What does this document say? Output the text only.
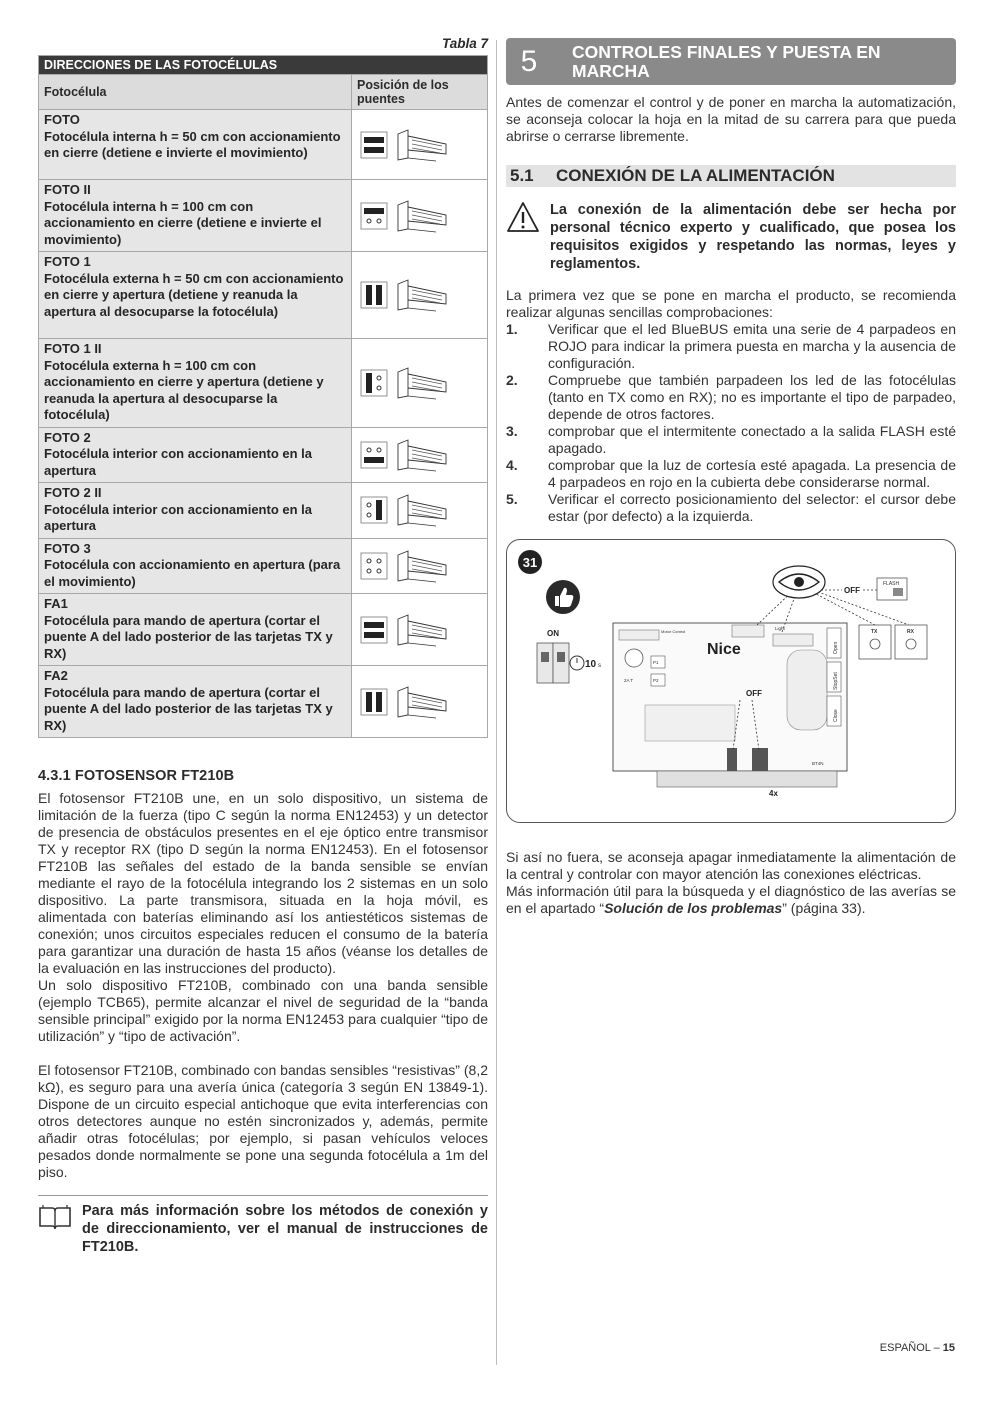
Tabla 7
DIRECCIONES DE LAS FOTOCÉLULAS	
Fotocélula	Posición de los puentes

FOTO
Fotocélula interna h = 50 cm con accionamiento en cierre (detiene e invierte el movimiento)

FOTO II
Fotocélula interna h = 100 cm con accionamiento en cierre (detiene e invierte el movimiento)

FOTO 1
Fotocélula externa h = 50 cm con accionamiento en cierre y apertura (detiene y reanuda la apertura al desocuparse la fotocélula)

FOTO 1 II
Fotocélula externa h = 100 cm con accionamiento en cierre y apertura (detiene y reanuda la apertura al desocuparse la fotocélula)

FOTO 2
Fotocélula interior con accionamiento en la apertura

FOTO 2 II
Fotocélula interior con accionamiento en la apertura

FOTO 3
Fotocélula con accionamiento en apertura (para el movimiento)

FA1
Fotocélula para mando de apertura (cortar el puente A del lado posterior de las tarjetas TX y RX)

FA2
Fotocélula para mando de apertura (cortar el puente A del lado posterior de las tarjetas TX y RX)

4.3.1 FOTOSENSOR FT210B

El fotosensor FT210B une, en un solo dispositivo, un sistema de limitación de la fuerza (tipo C según la norma EN12453) y un detector de presencia de obstáculos presentes en el eje óptico entre transmisor TX y receptor RX (tipo D según la norma EN12453). En el fotosensor FT210B las señales del estado de la banda sensible se envían mediante el rayo de la fotocélula integrando los 2 sistemas en un solo dispositivo. La parte transmisora, situada en la hoja móvil, es alimentada con baterías eliminando así los antiestéticos sistemas de conexión; unos circuitos especiales reducen el consumo de la batería para garantizar una duración de hasta 15 años (véanse los detalles de la evaluación en las instrucciones del producto).

Un solo dispositivo FT210B, combinado con una banda sensible (ejemplo TCB65), permite alcanzar el nivel de seguridad de la “banda sensible principal” exigido por la norma EN12453 para cualquier “tipo de utilización” y “tipo de activación”.

El fotosensor FT210B, combinado con bandas sensibles “resistivas” (8,2 kΩ), es seguro para una avería única (categoría 3 según EN 13849-1). Dispone de un circuito especial antichoque que evita interferencias con otros detectores aunque no estén sincronizados y, además, permite añadir otras fotocélulas; por ejemplo, si pasan vehículos veloces pesados donde normalmente se pone una segunda fotocélula a 1m del piso.

Para más información sobre los métodos de conexión y de direccionamiento, ver el manual de instrucciones de FT210B.
5	CONTROLES FINALES Y PUESTA EN MARCHA

Antes de comenzar el control y de poner en marcha la automatización, se aconseja colocar la hoja en la mitad de su carrera para que pueda abrirse o cerrarse libremente.

5.1	CONEXIÓN DE LA ALIMENTACIÓN
La conexión de la alimentación debe ser hecha por personal técnico experto y cualificado, que posea los requisitos exigidos y respetando las normas, leyes y reglamentos.

La primera vez que se pone en marcha el producto, se recomienda realizar algunas sencillas comprobaciones:

1.	Verificar que el led BlueBUS emita una serie de 4 parpadeos en ROJO para indicar la primera puesta en marcha y la ausencia de configuración.
2.	Compruebe que también parpadeen los led de las fotocélulas (tanto en TX como en RX); no es importante el tipo de parpadeo, depende de otros factores.
3.	comprobar que el intermitente conectado a la salida FLASH esté apagado.
4.	comprobar que la luz de cortesía esté apagada. La presencia de 4 parpadeos en rojo en la cubierta debe considerarse normal.
5.	Verificar el correcto posicionamiento del selector: el cursor debe estar (por defecto) a la izquierda.
31
ON
10 s
Motor Control
2A T
P1
P2
Nice
OFF
Light
Open
StopSet
Close
BT4N
OFF
FLASH
TX	RX
4x

Si así no fuera, se aconseja apagar inmediatamente la alimentación de la central y controlar con mayor atención las conexiones eléctricas.

Más información útil para la búsqueda y el diagnóstico de las averías se en el apartado “Solución de los problemas” (página 33).

ESPAÑOL – 15
